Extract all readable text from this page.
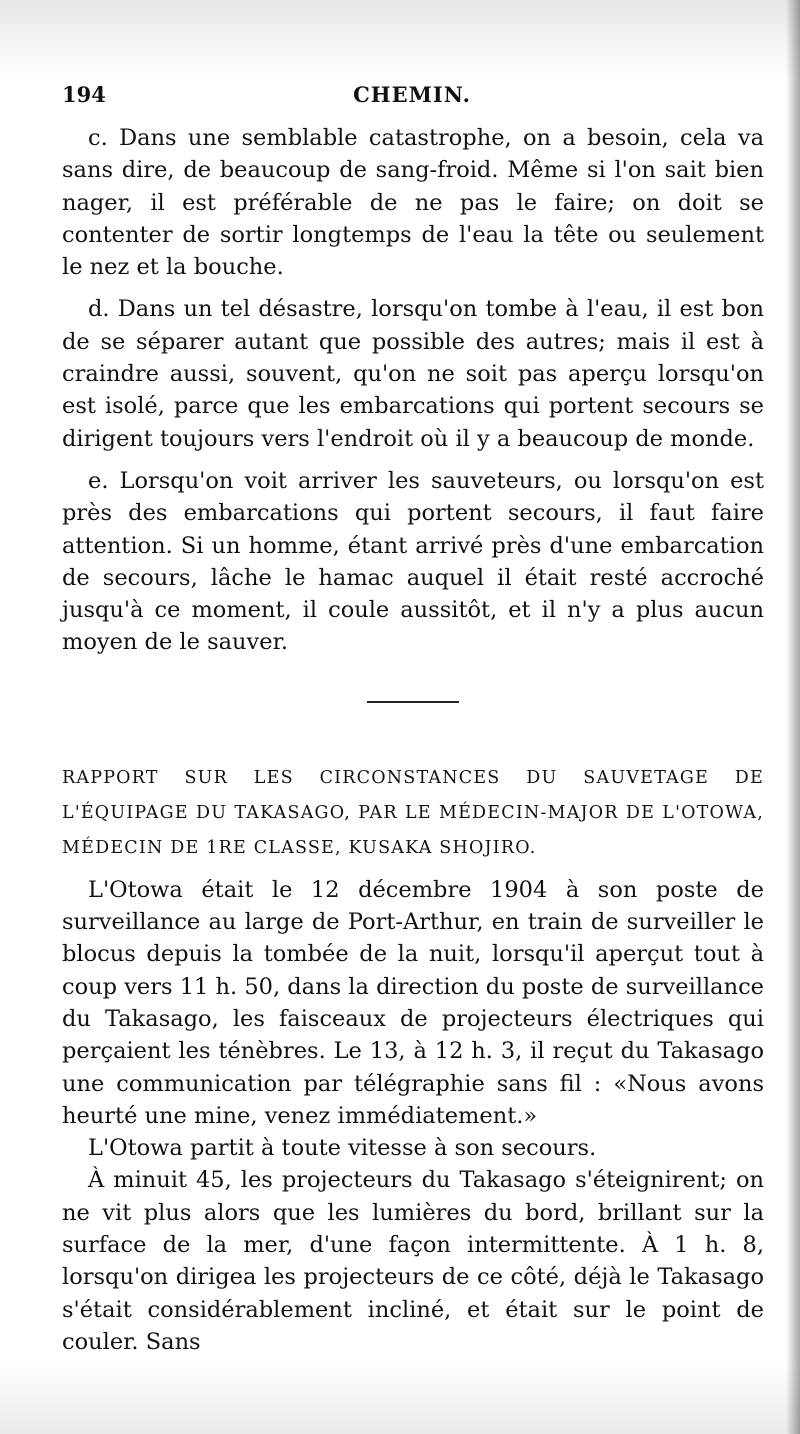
194	CHEMIN.

c. Dans une semblable catastrophe, on a besoin, cela va sans dire, de beaucoup de sang-froid. Même si l'on sait bien nager, il est préférable de ne pas le faire; on doit se contenter de sortir longtemps de l'eau la tête ou seulement le nez et la bouche.

d. Dans un tel désastre, lorsqu'on tombe à l'eau, il est bon de se séparer autant que possible des autres; mais il est à craindre aussi, souvent, qu'on ne soit pas aperçu lorsqu'on est isolé, parce que les embarcations qui portent secours se dirigent toujours vers l'endroit où il y a beaucoup de monde.

e. Lorsqu'on voit arriver les sauveteurs, ou lorsqu'on est près des embarcations qui portent secours, il faut faire attention. Si un homme, étant arrivé près d'une embarcation de secours, lâche le hamac auquel il était resté accroché jusqu'à ce moment, il coule aussitôt, et il n'y a plus aucun moyen de le sauver.

RAPPORT SUR LES CIRCONSTANCES DU SAUVETAGE DE L'ÉQUIPAGE DU TAKASAGO, PAR LE MÉDECIN-MAJOR DE L'OTOWA, MÉDECIN DE 1RE CLASSE, KUSAKA SHOJIRO.

L'Otowa était le 12 décembre 1904 à son poste de surveillance au large de Port-Arthur, en train de surveiller le blocus depuis la tombée de la nuit, lorsqu'il aperçut tout à coup vers 11 h. 50, dans la direction du poste de surveillance du Takasago, les faisceaux de projecteurs électriques qui perçaient les ténèbres. Le 13, à 12 h. 3, il reçut du Takasago une communication par télégraphie sans fil : «Nous avons heurté une mine, venez immédiatement.»

L'Otowa partit à toute vitesse à son secours.

À minuit 45, les projecteurs du Takasago s'éteignirent; on ne vit plus alors que les lumières du bord, brillant sur la surface de la mer, d'une façon intermittente. À 1 h. 8, lorsqu'on dirigea les projecteurs de ce côté, déjà le Takasago s'était considérablement incliné, et était sur le point de couler. Sans
